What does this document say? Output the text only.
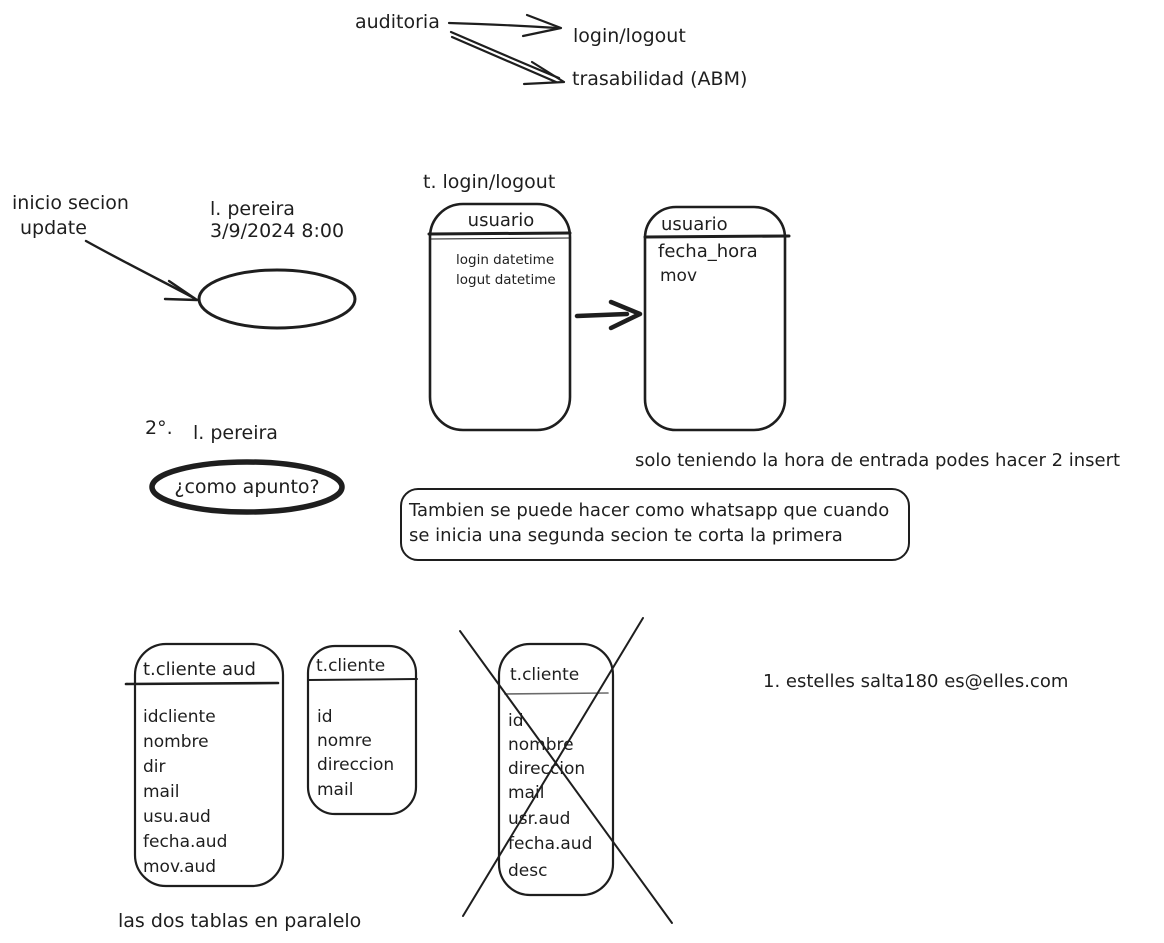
auditoria
login/logout
trasabilidad (ABM)
inicio secion
update
l. pereira
3/9/2024 8:00
t. login/logout
usuario
login datetime
logut datetime
usuario
fecha_hora
mov
solo teniendo la hora de entrada podes hacer 2 insert
2°. l. pereira
¿como apunto?
Tambien se puede hacer como whatsapp que cuando
se inicia una segunda secion te corta la primera
t.cliente aud
idcliente
nombre
dir
mail
usu.aud
fecha.aud
mov.aud
t.cliente
id
nomre
direccion
mail
t.cliente
id
nombre
direccion
mail
usr.aud
fecha.aud
desc
1. estelles salta180 es@elles.com
las dos tablas en paralelo
